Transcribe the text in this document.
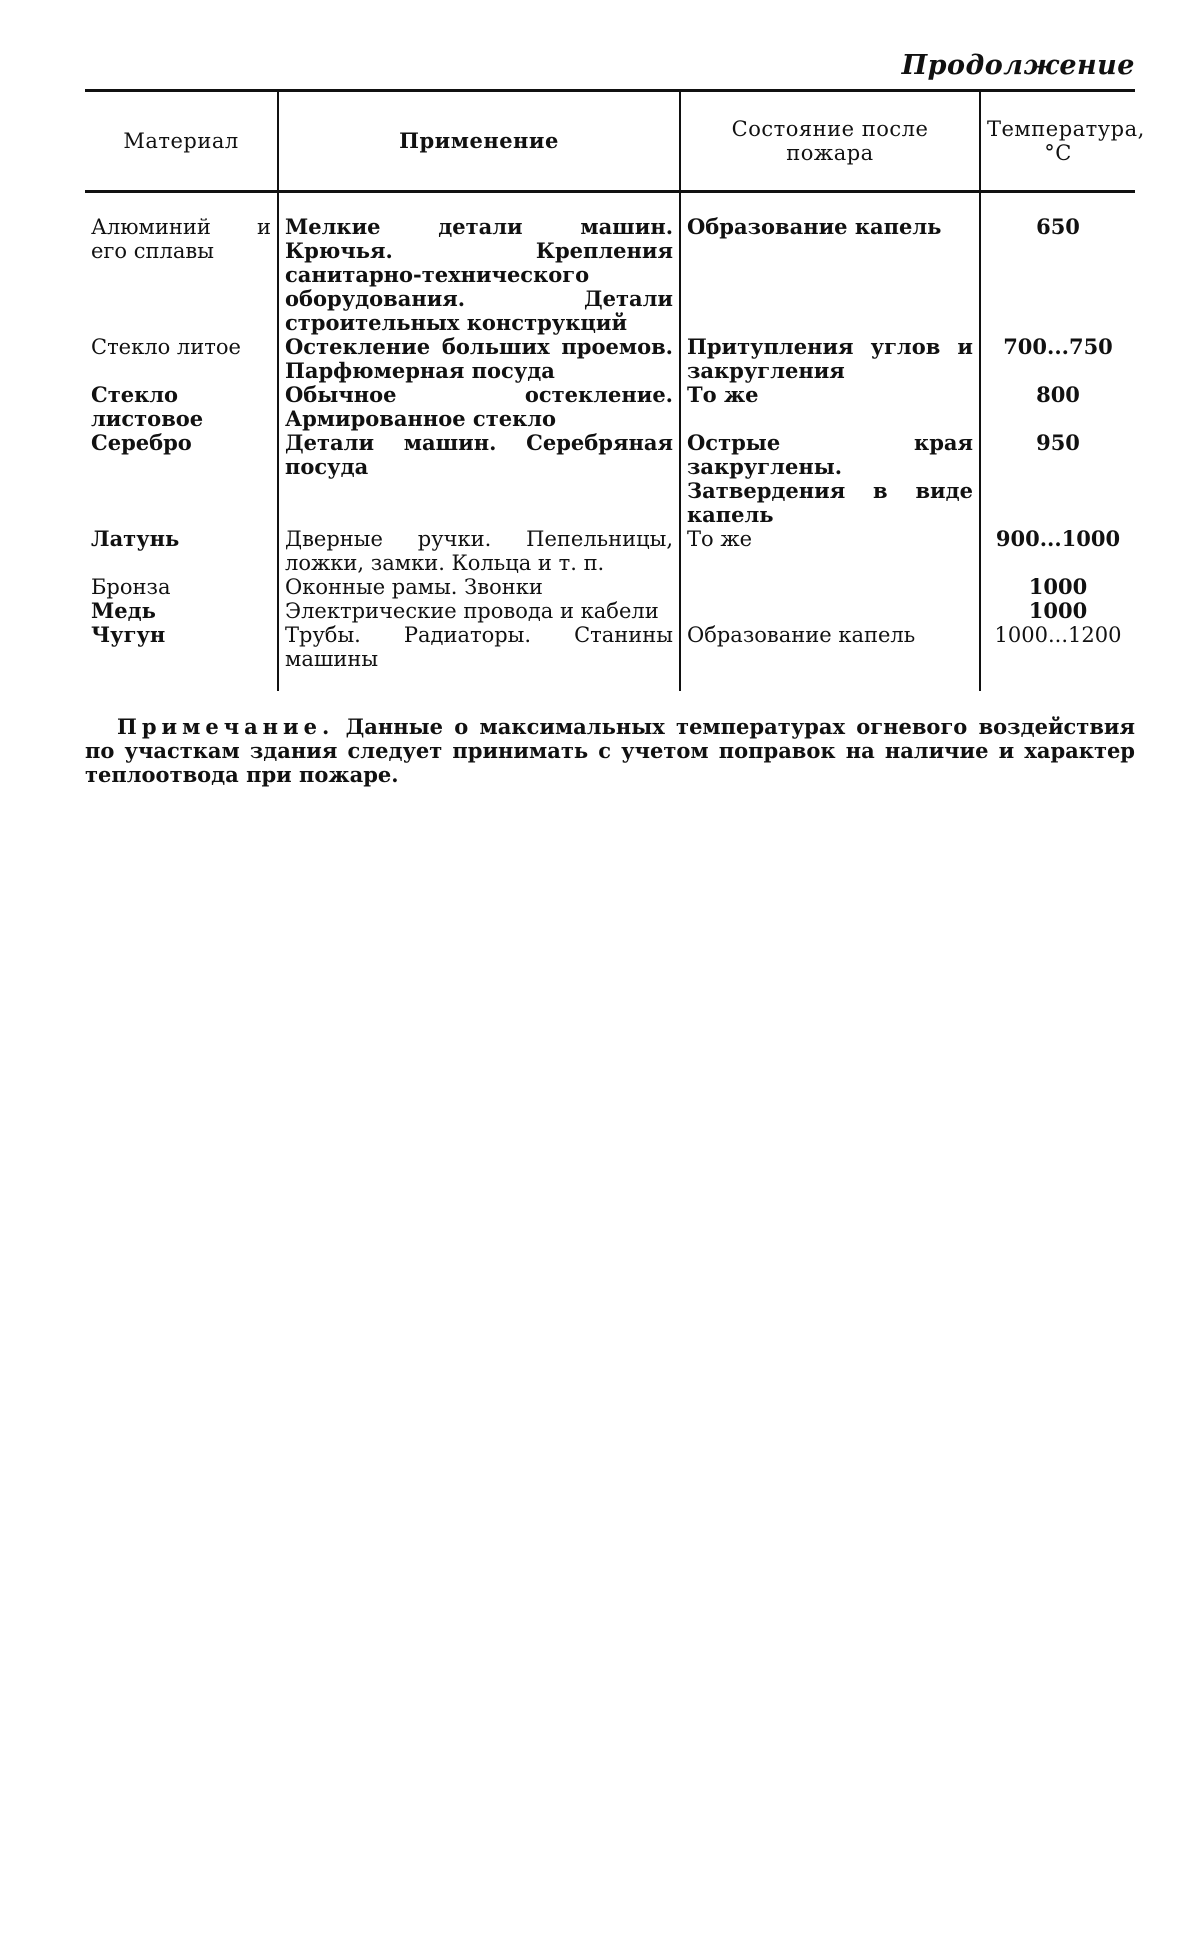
Продолжение
Материал	Применение	Состояние после пожара	Температура, °С
Алюминий и его сплавы	Мелкие детали машин. Крючья. Крепления санитарно-технического оборудования. Детали строительных конструкций	Образование капель	650
Стекло литое	Остекление больших проемов. Парфюмерная посуда	Притупления углов и закругления	700...750
Стекло листовое	Обычное остекление. Армированное стекло	То же	800
Серебро	Детали машин. Серебряная посуда	Острые края закруглены. Затвердения в виде капель	950
Латунь	Дверные ручки. Пепельницы, ложки, замки. Кольца и т. п.	То же	900...1000
Бронза	Оконные рамы. Звонки		1000
Медь	Электрические провода и кабели		1000
Чугун	Трубы. Радиаторы. Станины машины	Образование капель	1000...1200

Примечание. Данные о максимальных температурах огневого воздействия по участкам здания следует принимать с учетом поправок на наличие и характер теплоотвода при пожаре.
